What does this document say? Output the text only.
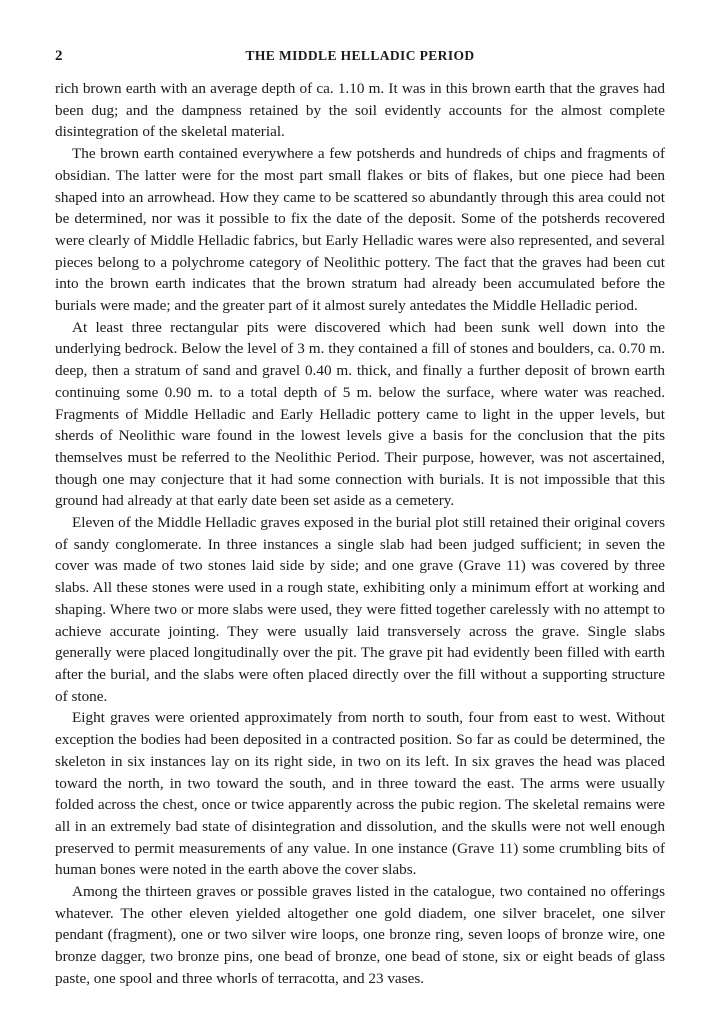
2	THE MIDDLE HELLADIC PERIOD

rich brown earth with an average depth of ca. 1.10 m. It was in this brown earth that the graves had been dug; and the dampness retained by the soil evidently accounts for the almost complete disintegration of the skeletal material.

The brown earth contained everywhere a few potsherds and hundreds of chips and fragments of obsidian. The latter were for the most part small flakes or bits of flakes, but one piece had been shaped into an arrowhead. How they came to be scattered so abundantly through this area could not be determined, nor was it possible to fix the date of the deposit. Some of the potsherds recovered were clearly of Middle Helladic fabrics, but Early Helladic wares were also represented, and several pieces belong to a polychrome category of Neolithic pottery. The fact that the graves had been cut into the brown earth indicates that the brown stratum had already been accumulated before the burials were made; and the greater part of it almost surely antedates the Middle Helladic period.

At least three rectangular pits were discovered which had been sunk well down into the underlying bedrock. Below the level of 3 m. they contained a fill of stones and boulders, ca. 0.70 m. deep, then a stratum of sand and gravel 0.40 m. thick, and finally a further deposit of brown earth continuing some 0.90 m. to a total depth of 5 m. below the surface, where water was reached. Fragments of Middle Helladic and Early Helladic pottery came to light in the upper levels, but sherds of Neolithic ware found in the lowest levels give a basis for the conclusion that the pits themselves must be referred to the Neolithic Period. Their purpose, however, was not ascertained, though one may conjecture that it had some connection with burials. It is not impossible that this ground had already at that early date been set aside as a cemetery.

Eleven of the Middle Helladic graves exposed in the burial plot still retained their original covers of sandy conglomerate. In three instances a single slab had been judged sufficient; in seven the cover was made of two stones laid side by side; and one grave (Grave 11) was covered by three slabs. All these stones were used in a rough state, exhibiting only a minimum effort at working and shaping. Where two or more slabs were used, they were fitted together carelessly with no attempt to achieve accurate jointing. They were usually laid transversely across the grave. Single slabs generally were placed longitudinally over the pit. The grave pit had evidently been filled with earth after the burial, and the slabs were often placed directly over the fill without a supporting structure of stone.

Eight graves were oriented approximately from north to south, four from east to west. Without exception the bodies had been deposited in a contracted position. So far as could be determined, the skeleton in six instances lay on its right side, in two on its left. In six graves the head was placed toward the north, in two toward the south, and in three toward the east. The arms were usually folded across the chest, once or twice apparently across the pubic region. The skeletal remains were all in an extremely bad state of disintegration and dissolution, and the skulls were not well enough preserved to permit measurements of any value. In one instance (Grave 11) some crumbling bits of human bones were noted in the earth above the cover slabs.

Among the thirteen graves or possible graves listed in the catalogue, two contained no offerings whatever. The other eleven yielded altogether one gold diadem, one silver bracelet, one silver pendant (fragment), one or two silver wire loops, one bronze ring, seven loops of bronze wire, one bronze dagger, two bronze pins, one bead of bronze, one bead of stone, six or eight beads of glass paste, one spool and three whorls of terracotta, and 23 vases.
